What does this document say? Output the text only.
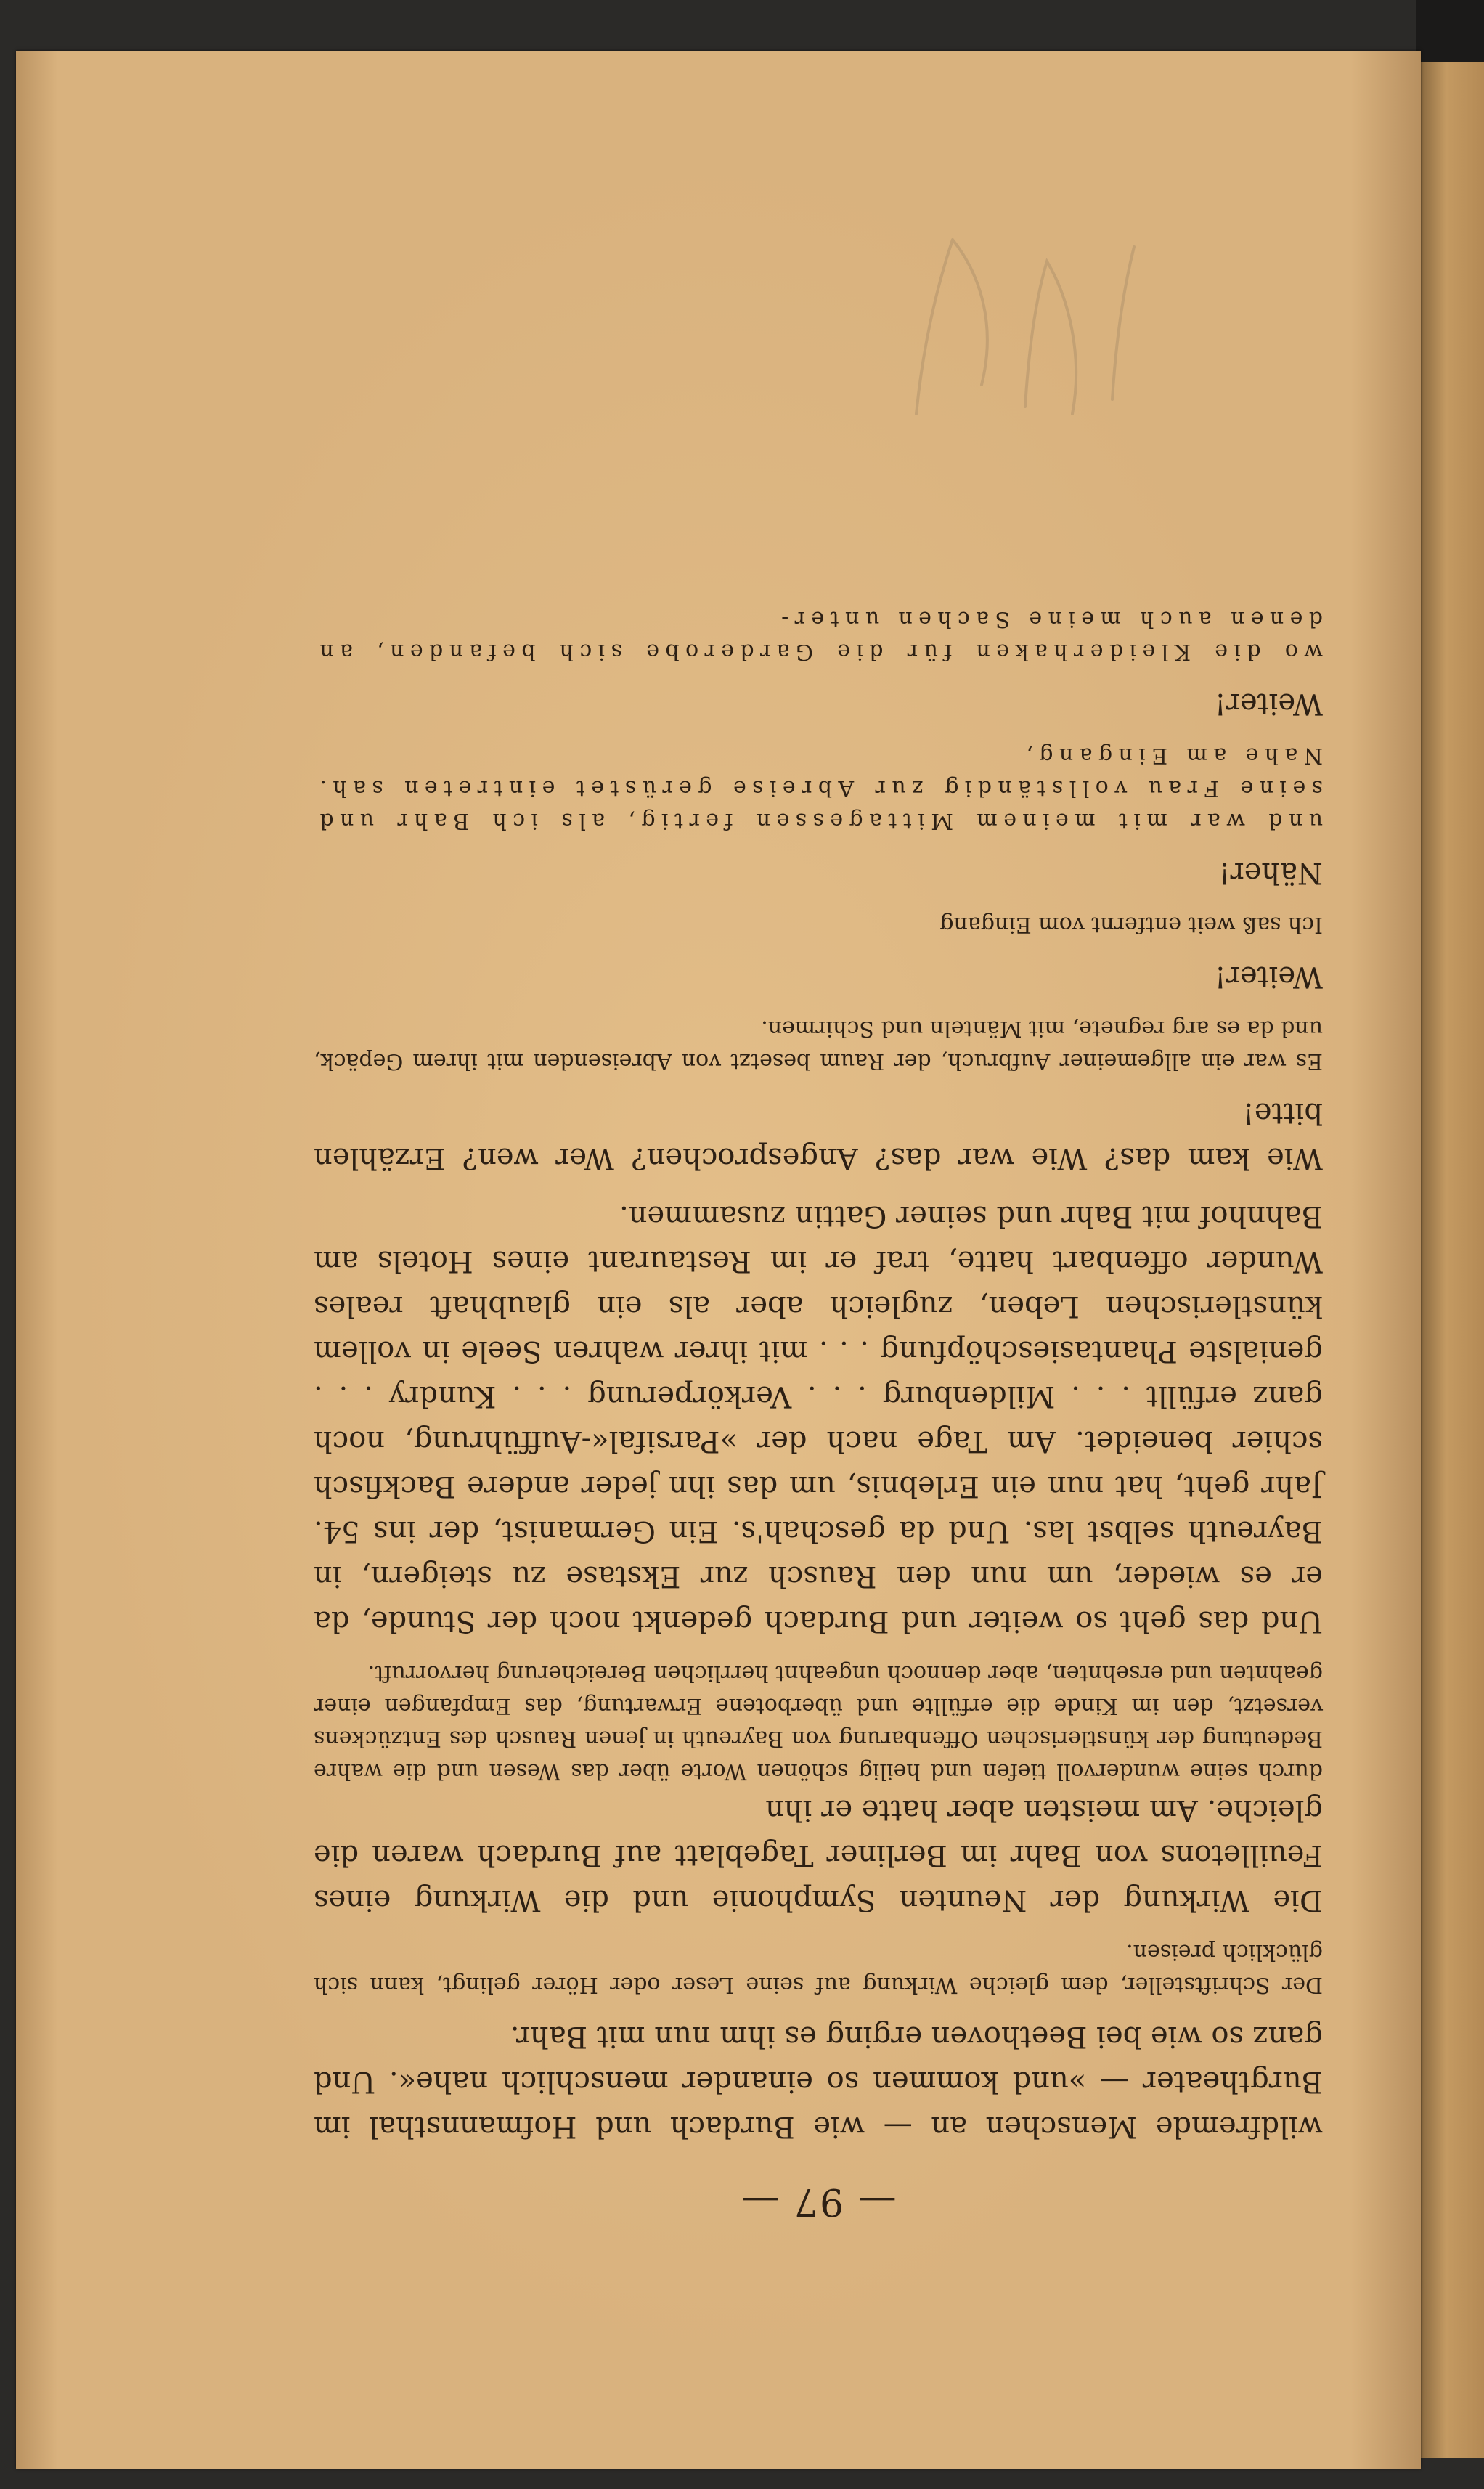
— 97 —

wildfremde Menschen an — wie Burdach und Hofmannsthal im Burgtheater — »und kommen so einander menschlich nahe«. Und ganz so wie bei Beethoven erging es ihm nun mit Bahr.

Der Schriftsteller, dem gleiche Wirkung auf seine Leser oder Hörer gelingt, kann sich glücklich preisen.

Die Wirkung der Neunten Symphonie und die Wirkung eines Feuilletons von Bahr im Berliner Tageblatt auf Burdach waren die gleiche. Am meisten aber hatte er ihn

durch seine wundervoll tiefen und heilig schönen Worte über das Wesen und die wahre Bedeutung der künstlerischen Offenbarung von Bayreuth in jenen Rausch des Entzückens versetzt, den im Kinde die erfüllte und überbotene Erwartung, das Empfangen einer geahnten und ersehnten, aber dennoch ungeahnt herrlichen Bereicherung hervorruft.

Und das geht so weiter und Burdach gedenkt noch der Stunde, da er es wieder, um nun den Rausch zur Ekstase zu steigern, in Bayreuth selbst las. Und da geschah's. Ein Germanist, der ins 54. Jahr geht, hat nun ein Erlebnis, um das ihn jeder andere Backfisch schier beneidet. Am Tage nach der »Parsifal«-Aufführung, noch ganz erfüllt . . . Mildenburg . . . Verkörperung . . . Kundry . . . genialste Phantasieschöpfung . . . mit ihrer wahren Seele in vollem künstlerischen Leben, zugleich aber als ein glaubhaft reales Wunder offenbart hatte, traf er im Restaurant eines Hotels am Bahnhof mit Bahr und seiner Gattin zusammen.

Wie kam das? Wie war das? Angesprochen? Wer wen? Erzählen bitte!

Es war ein allgemeiner Aufbruch, der Raum besetzt von Abreisenden mit ihrem Gepäck, und da es arg regnete, mit Mänteln und Schirmen.

Weiter!

Ich saß weit entfernt vom Eingang

Näher!

und war mit meinem Mittagessen fertig, als ich Bahr und seine Frau vollständig zur Abreise gerüstet eintreten sah. Nahe am Eingang,

Weiter!

wo die Kleiderhaken für die Garderobe sich befanden, an denen auch meine Sachen unter-
